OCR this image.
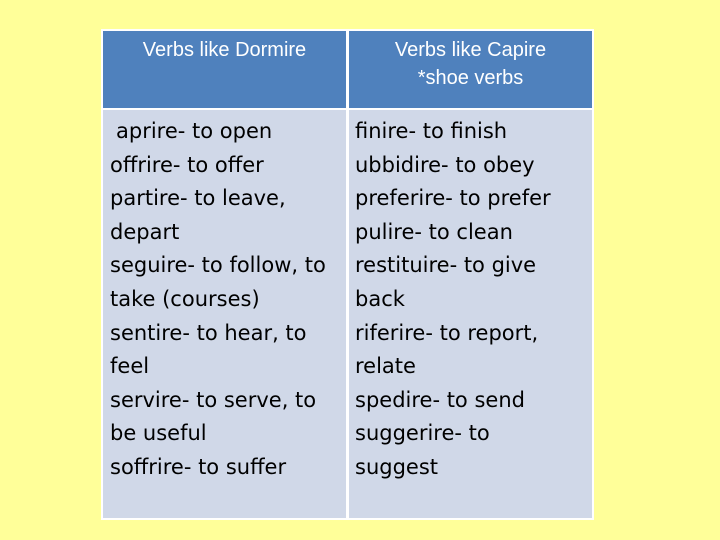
Verbs like Dormire	Verbs like Capire
*shoe verbs
aprire- to open
offrire- to offer
partire- to leave,
depart
seguire- to follow, to
take (courses)
sentire- to hear, to
feel
servire- to serve, to
be useful
soffrire- to suffer
finire- to finish
ubbidire- to obey
preferire- to prefer
pulire- to clean
restituire- to give
back
riferire- to report,
relate
spedire- to send
suggerire- to
suggest
